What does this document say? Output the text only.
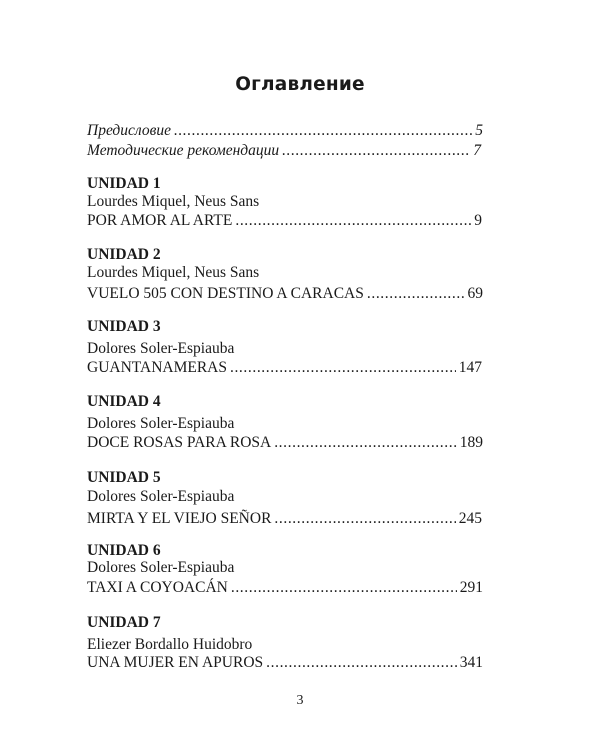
Оглавление
Предисловие .....	5
Методические рекомендации .....	7
UNIDAD 1
Lourdes Miquel, Neus Sans
POR AMOR AL ARTE .....	9
UNIDAD 2
Lourdes Miquel, Neus Sans
VUELO 505 CON DESTINO A CARACAS .....	69
UNIDAD 3
Dolores Soler-Espiauba
GUANTANAMERAS .....	147
UNIDAD 4
Dolores Soler-Espiauba
DOCE ROSAS PARA ROSA .....	189
UNIDAD 5
Dolores Soler-Espiauba
MIRTA Y EL VIEJO SEÑOR .....	245
UNIDAD 6
Dolores Soler-Espiauba
TAXI A COYOACÁN .....	291
UNIDAD 7
Eliezer Bordallo Huidobro
UNA MUJER EN APUROS .....	341
3
